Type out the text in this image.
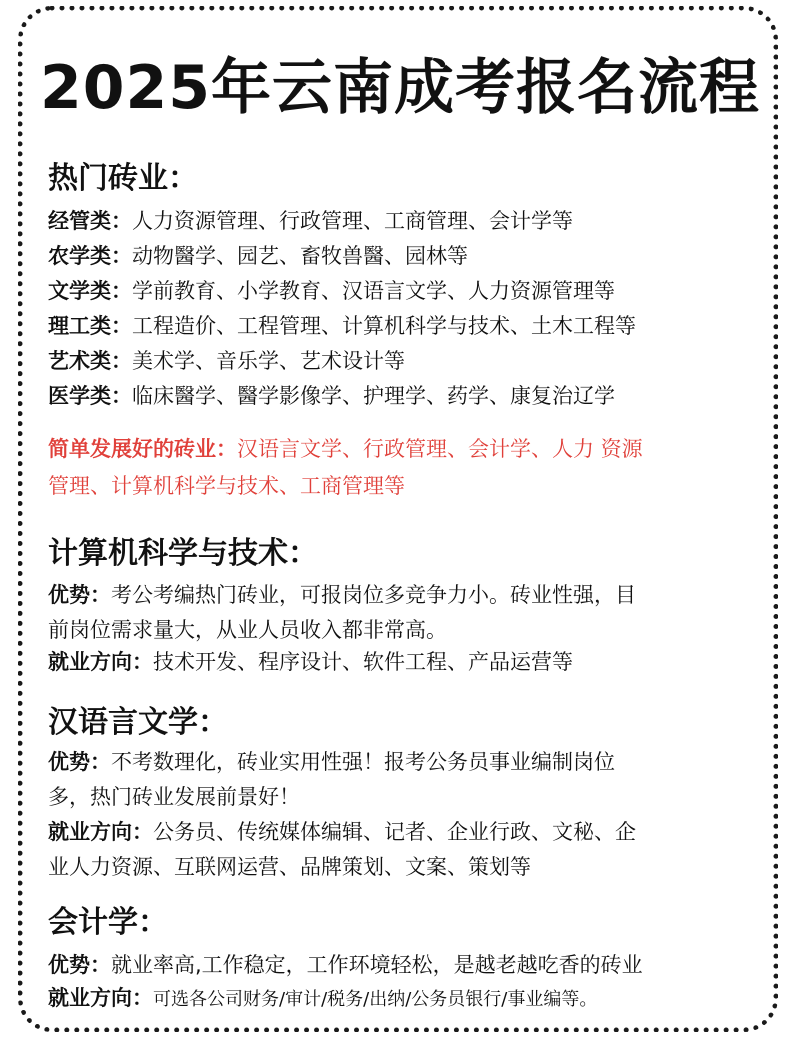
2025年云南成考报名流程
热门砖业：
经管类：人力资源管理、行政管理、工商管理、会计学等
农学类：动物醫学、园艺、畜牧兽醫、园林等
文学类：学前教育、小学教育、汉语言文学、人力资源管理等
理工类：工程造价、工程管理、计算机科学与技术、土木工程等
艺术类：美术学、音乐学、艺术设计等
医学类：临床醫学、醫学影像学、护理学、药学、康复治辽学
简单发展好的砖业：汉语言文学、行政管理、会计学、人力 资源
管理、计算机科学与技术、工商管理等
计算机科学与技术：
优势：考公考编热门砖业，可报岗位多竞争力小。砖业性强，目
前岗位需求量大，从业人员收入都非常高。
就业方向：技术开发、程序设计、软件工程、产品运营等
汉语言文学：
优势：不考数理化，砖业实用性强！报考公务员事业编制岗位
多，热门砖业发展前景好！
就业方向：公务员、传统媒体编辑、记者、企业行政、文秘、企
业人力资源、互联网运营、品牌策划、文案、策划等
会计学：
优势：就业率高,工作稳定，工作环境轻松，是越老越吃香的砖业
就业方向：可选各公司财务/审计/税务/出纳/公务员银行/事业编等。
